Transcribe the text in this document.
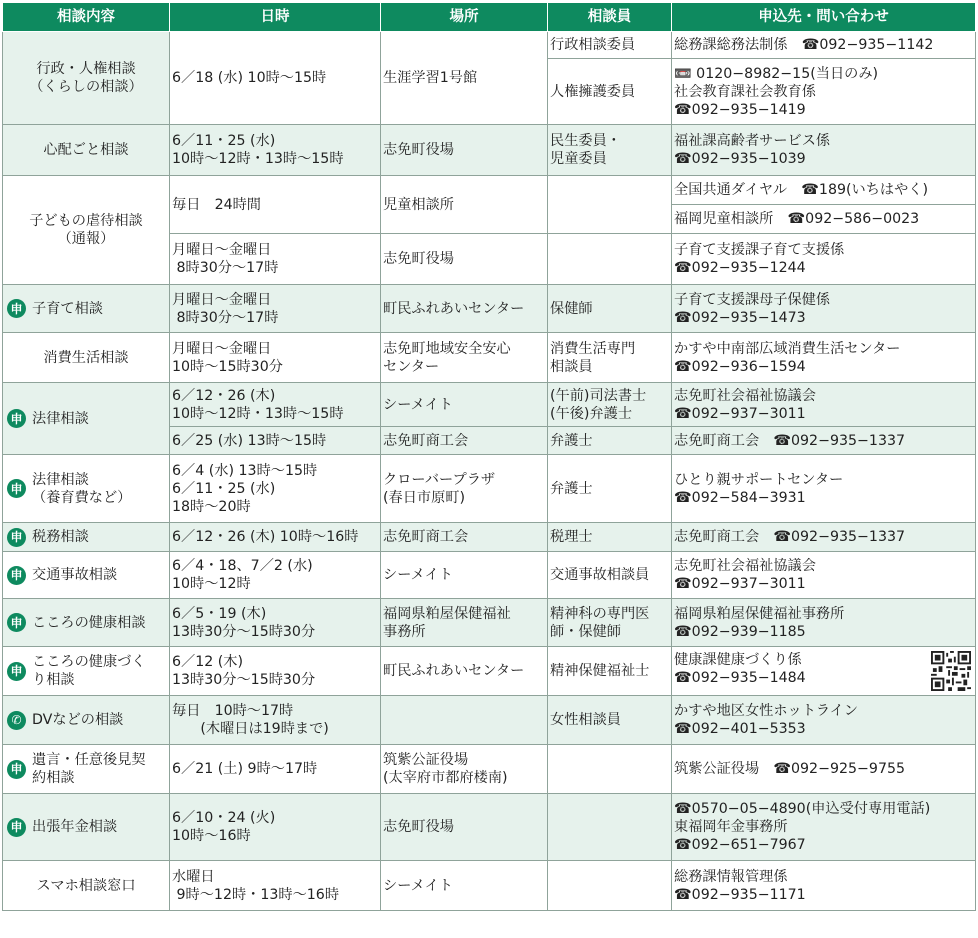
相談内容	日時	場所	相談員	申込先・問い合わせ

行政・人権相談
（くらしの相談）	6／18 (水) 10時～15時	生涯学習1号館	行政相談委員	総務課総務法制係　☎092−935−1142
			人権擁護委員	📼 0120−8982−15(当日のみ)
社会教育課社会教育係
☎092−935−1419

心配ごと相談	6／11・25 (水)
10時～12時・13時～15時	志免町役場	民生委員・
児童委員	福祉課高齢者サービス係
☎092−935−1039

子どもの虐待相談
（通報）	毎日　24時間	児童相談所		全国共通ダイヤル　☎189(いちはやく)
				福岡児童相談所　☎092−586−0023
	月曜日～金曜日
8時30分～17時	志免町役場		子育て支援課子育て支援係
☎092−935−1244

申 子育て相談	月曜日～金曜日
8時30分～17時	町民ふれあいセンター	保健師	子育て支援課母子保健係
☎092−935−1473

消費生活相談	月曜日～金曜日
10時～15時30分	志免町地域安全安心
センター	消費生活専門
相談員	かすや中南部広域消費生活センター
☎092−936−1594

申 法律相談	6／12・26 (木)
10時～12時・13時～15時	シーメイト	(午前)司法書士
(午後)弁護士	志免町社会福祉協議会
☎092−937−3011
	6／25 (水) 13時～15時	志免町商工会	弁護士	志免町商工会　☎092−935−1337

申
法律相談
（養育費など）	6／4 (水) 13時～15時
6／11・25 (水)
18時～20時	クローバープラザ
(春日市原町)	弁護士	ひとり親サポートセンター
☎092−584−3931

申 税務相談	6／12・26 (木) 10時～16時	志免町商工会	税理士	志免町商工会　☎092−935−1337

申 交通事故相談	6／4・18、7／2 (水)
10時～12時	シーメイト	交通事故相談員	志免町社会福祉協議会
☎092−937−3011

申 こころの健康相談	6／5・19 (木)
13時30分～15時30分	福岡県粕屋保健福祉
事務所	精神科の専門医
師・保健師	福岡県粕屋保健福祉事務所
☎092−939−1185

申
こころの健康づく
り相談	6／12 (木)
13時30分～15時30分	町民ふれあいセンター	精神保健福祉士	健康課健康づくり係
☎092−935−1484

✆ DVなどの相談	毎日　10時～17時
　　(木曜日は19時まで)		女性相談員	かすや地区女性ホットライン
☎092−401−5353

申
遺言・任意後見契
約相談	6／21 (土) 9時～17時	筑紫公証役場
(太宰府市都府楼南)		筑紫公証役場　☎092−925−9755

申 出張年金相談	6／10・24 (火)
10時～16時	志免町役場		☎0570−05−4890(申込受付専用電話)
東福岡年金事務所
☎092−651−7967

スマホ相談窓口	水曜日
9時～12時・13時～16時	シーメイト		総務課情報管理係
☎092−935−1171
